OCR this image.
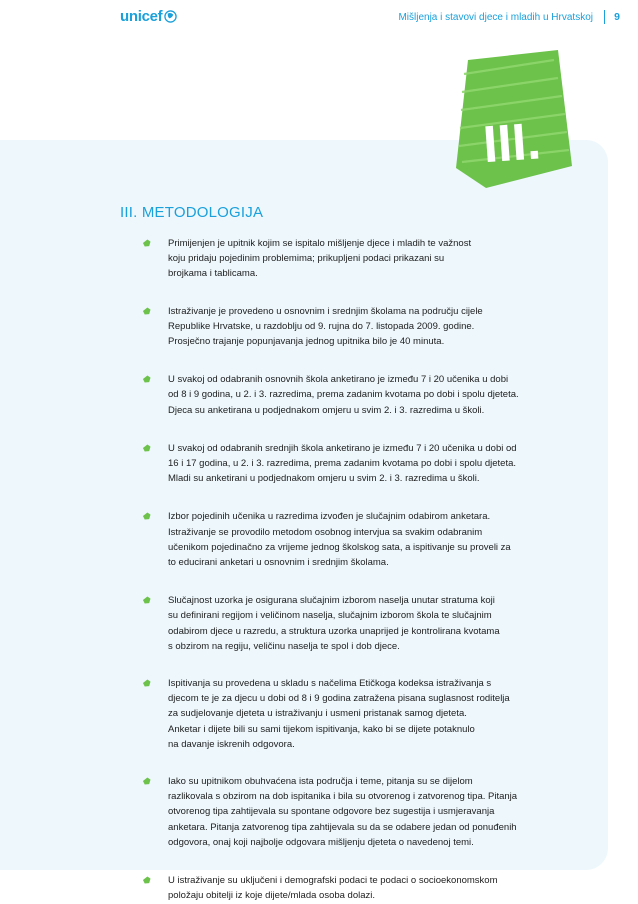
unicef	Mišljenja i stavovi djece i mladih u Hrvatskoj 9
III.
III. METODOLOGIJA
Primijenjen je upitnik kojim se ispitalo mišljenje djece i mladih te važnost
koju pridaju pojedinim problemima; prikupljeni podaci prikazani su
brojkama i tablicama.
Istraživanje je provedeno u osnovnim i srednjim školama na području cijele
Republike Hrvatske, u razdoblju od 9. rujna do 7. listopada 2009. godine.
Prosječno trajanje popunjavanja jednog upitnika bilo je 40 minuta.
U svakoj od odabranih osnovnih škola anketirano je između 7 i 20 učenika u dobi
od 8 i 9 godina, u 2. i 3. razredima, prema zadanim kvotama po dobi i spolu djeteta.
Djeca su anketirana u podjednakom omjeru u svim 2. i 3. razredima u školi.
U svakoj od odabranih srednjih škola anketirano je između 7 i 20 učenika u dobi od
16 i 17 godina, u 2. i 3. razredima, prema zadanim kvotama po dobi i spolu djeteta.
Mladi su anketirani u podjednakom omjeru u svim 2. i 3. razredima u školi.
Izbor pojedinih učenika u razredima izvođen je slučajnim odabirom anketara.
Istraživanje se provodilo metodom osobnog intervjua sa svakim odabranim
učenikom pojedinačno za vrijeme jednog školskog sata, a ispitivanje su proveli za
to educirani anketari u osnovnim i srednjim školama.
Slučajnost uzorka je osigurana slučajnim izborom naselja unutar stratuma koji
su definirani regijom i veličinom naselja, slučajnim izborom škola te slučajnim
odabirom djece u razredu, a struktura uzorka unaprijed je kontrolirana kvotama
s obzirom na regiju, veličinu naselja te spol i dob djece.
Ispitivanja su provedena u skladu s načelima Etičkoga kodeksa istraživanja s
djecom te je za djecu u dobi od 8 i 9 godina zatražena pisana suglasnost roditelja
za sudjelovanje djeteta u istraživanju i usmeni pristanak samog djeteta.
Anketar i dijete bili su sami tijekom ispitivanja, kako bi se dijete potaknulo
na davanje iskrenih odgovora.
Iako su upitnikom obuhvaćena ista područja i teme, pitanja su se dijelom
razlikovala s obzirom na dob ispitanika i bila su otvorenog i zatvorenog tipa. Pitanja
otvorenog tipa zahtijevala su spontane odgovore bez sugestija i usmjeravanja
anketara. Pitanja zatvorenog tipa zahtijevala su da se odabere jedan od ponuđenih
odgovora, onaj koji najbolje odgovara mišljenju djeteta o navedenoj temi.
U istraživanje su uključeni i demografski podaci te podaci o socioekonomskom
položaju obitelji iz koje dijete/mlada osoba dolazi.
